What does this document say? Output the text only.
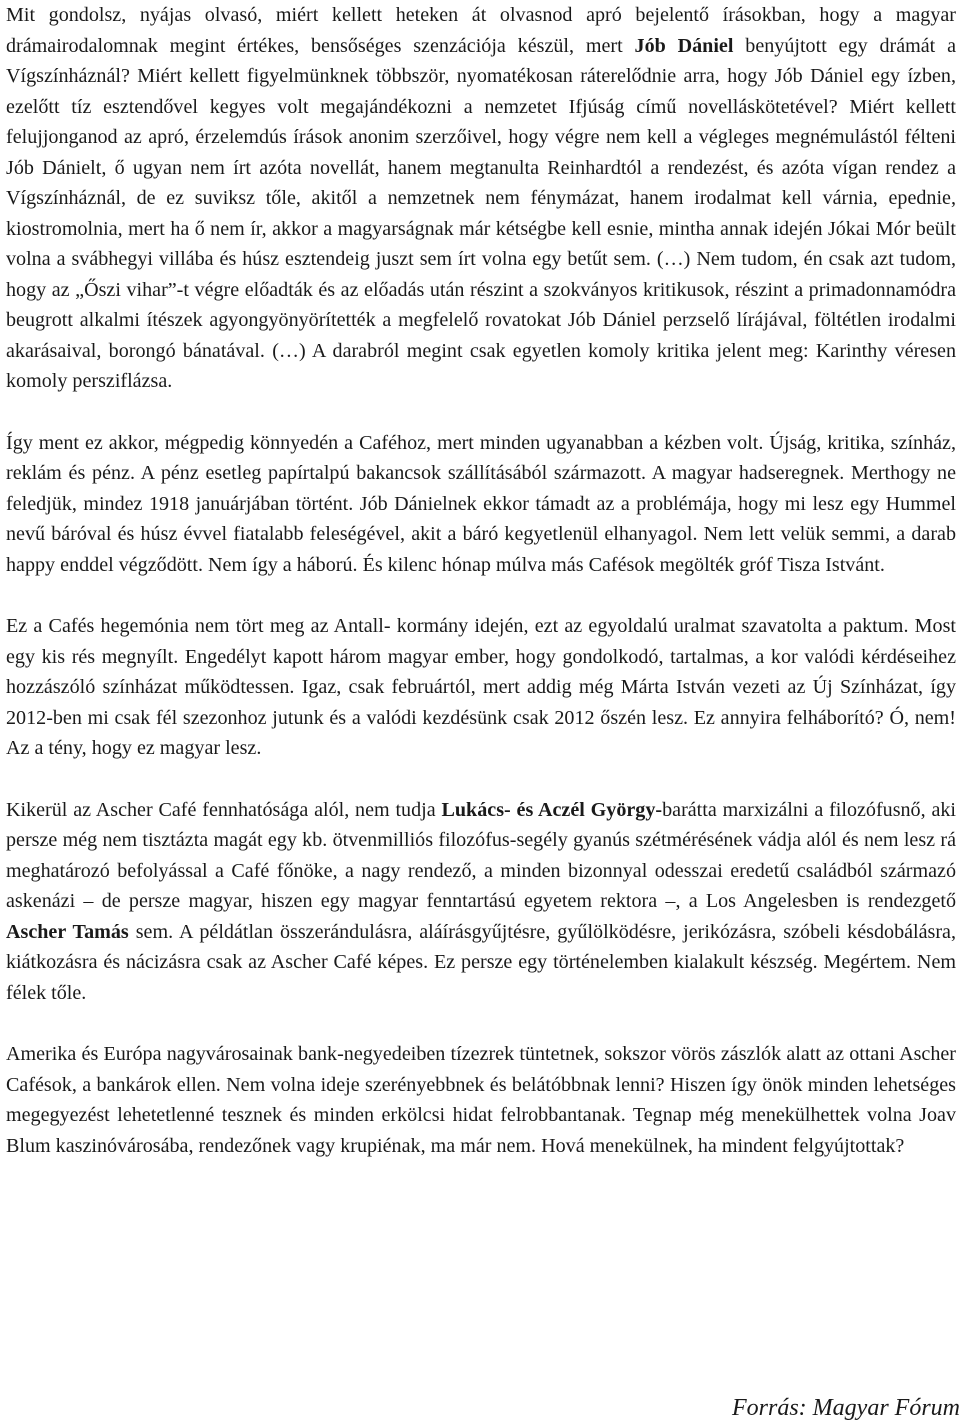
Mit gondolsz, nyájas olvasó, miért kellett heteken át olvasnod apró bejelentő írásokban, hogy a magyar drámairodalomnak megint értékes, bensőséges szenzációja készül, mert Jób Dániel benyújtott egy drámát a Vígszínháznál? Miért kellett figyelmünknek többször, nyomatékosan ráterelődnie arra, hogy Jób Dániel egy ízben, ezelőtt tíz esztendővel kegyes volt megajándékozni a nemzetet Ifjúság című novelláskötetével? Miért kellett felujjonganod az apró, érzelemdús írások anonim szerzőivel, hogy végre nem kell a végleges megnémulástól félteni Jób Dánielt, ő ugyan nem írt azóta novellát, hanem megtanulta Reinhardtól a rendezést, és azóta vígan rendez a Vígszínháznál, de ez suviksz tőle, akitől a nemzetnek nem fénymázat, hanem irodalmat kell várnia, epednie, kiostromolnia, mert ha ő nem ír, akkor a magyarságnak már kétségbe kell esnie, mintha annak idején Jókai Mór beült volna a svábhegyi villába és húsz esztendeig juszt sem írt volna egy betűt sem. (…) Nem tudom, én csak azt tudom, hogy az „Őszi vihar”-t végre előadták és az előadás után részint a szokványos kritikusok, részint a primadonnamódra beugrott alkalmi ítészek agyongyönyörítették a megfelelő rovatokat Jób Dániel perzselő lírájával, föltétlen irodalmi akarásaival, borongó bánatával. (…) A darabról megint csak egyetlen komoly kritika jelent meg: Karinthy véresen komoly persziflázsa.

Így ment ez akkor, mégpedig könnyedén a Caféhoz, mert minden ugyanabban a kézben volt. Újság, kritika, színház, reklám és pénz. A pénz esetleg papírtalpú bakancsok szállításából származott. A magyar hadseregnek. Merthogy ne feledjük, mindez 1918 januárjában történt. Jób Dánielnek ekkor támadt az a problémája, hogy mi lesz egy Hummel nevű báróval és húsz évvel fiatalabb feleségével, akit a báró kegyetlenül elhanyagol. Nem lett velük semmi, a darab happy enddel végződött. Nem így a háború. És kilenc hónap múlva más Cafésok megölték gróf Tisza Istvánt.

Ez a Cafés hegemónia nem tört meg az Antall- kormány idején, ezt az egyoldalú uralmat szavatolta a paktum. Most egy kis rés megnyílt. Engedélyt kapott három magyar ember, hogy gondolkodó, tartalmas, a kor valódi kérdéseihez hozzászóló színházat működtessen. Igaz, csak februártól, mert addig még Márta István vezeti az Új Színházat, így 2012-ben mi csak fél szezonhoz jutunk és a valódi kezdésünk csak 2012 őszén lesz. Ez annyira felháborító? Ó, nem! Az a tény, hogy ez magyar lesz.

Kikerül az Ascher Café fennhatósága alól, nem tudja Lukács- és Aczél György-barátta marxizálni a filozófusnő, aki persze még nem tisztázta magát egy kb. ötvenmilliós filozófus-segély gyanús szétmérésének vádja alól és nem lesz rá meghatározó befolyással a Café főnöke, a nagy rendező, a minden bizonnyal odesszai eredetű családból származó askenázi – de persze magyar, hiszen egy magyar fenntartású egyetem rektora –, a Los Angelesben is rendezgető Ascher Tamás sem. A példátlan összerándulásra, aláírásgyűjtésre, gyűlölködésre, jerikózásra, szóbeli késdobálásra, kiátkozásra és nácizásra csak az Ascher Café képes. Ez persze egy történelemben kialakult készség. Megértem. Nem félek tőle.

Amerika és Európa nagyvárosainak bank-negyedeiben tízezrek tüntetnek, sokszor vörös zászlók alatt az ottani Ascher Cafésok, a bankárok ellen. Nem volna ideje szerényebbnek és belátóbbnak lenni? Hiszen így önök minden lehetséges megegyezést lehetetlenné tesznek és minden erkölcsi hidat felrobbantanak. Tegnap még menekülhettek volna Joav Blum kaszinóvárosába, rendezőnek vagy krupiénak, ma már nem. Hová menekülnek, ha mindent felgyújtottak?

Forrás: Magyar Fórum
